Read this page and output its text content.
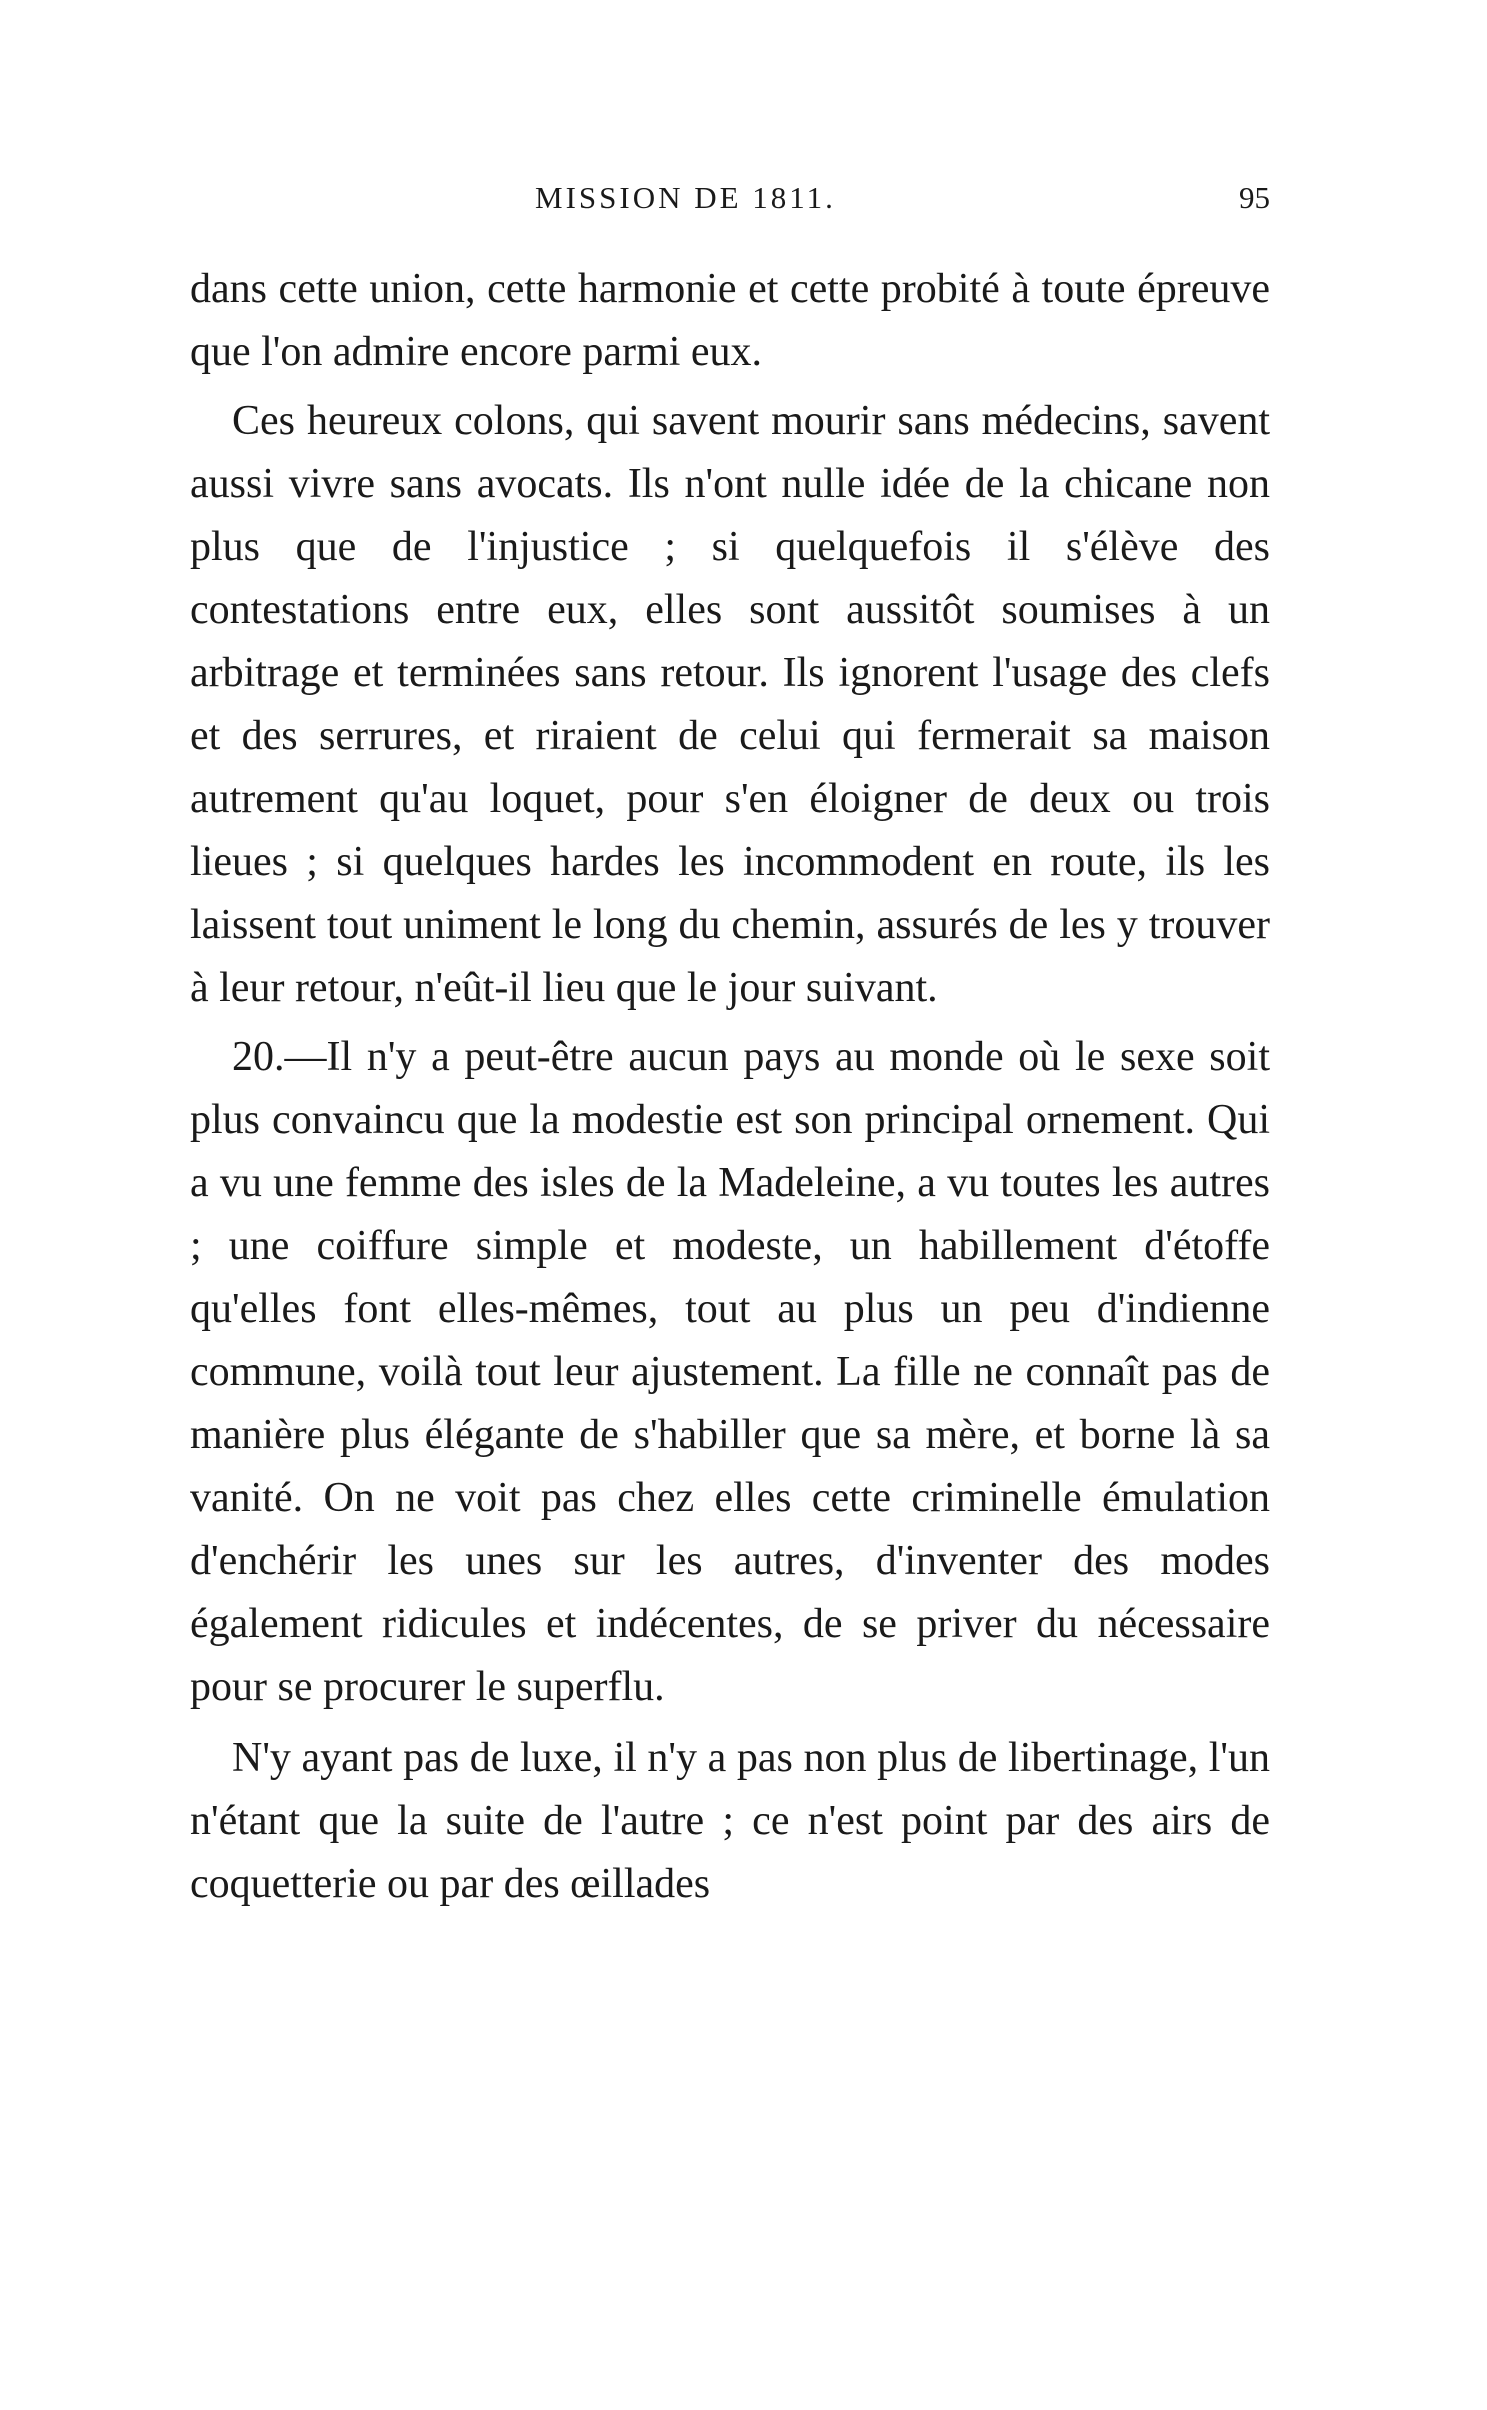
MISSION DE 1811.	95

dans cette union, cette harmonie et cette probité à toute épreuve que l'on admire encore parmi eux.

Ces heureux colons, qui savent mourir sans médecins, savent aussi vivre sans avocats. Ils n'ont nulle idée de la chicane non plus que de l'injustice ; si quelquefois il s'élève des contestations entre eux, elles sont aussitôt soumises à un arbitrage et terminées sans retour. Ils ignorent l'usage des clefs et des serrures, et riraient de celui qui fermerait sa maison autrement qu'au loquet, pour s'en éloigner de deux ou trois lieues ; si quelques hardes les incommodent en route, ils les laissent tout uniment le long du chemin, assurés de les y trouver à leur retour, n'eût-il lieu que le jour suivant.

20.—Il n'y a peut-être aucun pays au monde où le sexe soit plus convaincu que la modestie est son principal ornement. Qui a vu une femme des isles de la Madeleine, a vu toutes les autres ; une coiffure simple et modeste, un habillement d'étoffe qu'elles font elles-mêmes, tout au plus un peu d'indienne commune, voilà tout leur ajustement. La fille ne connaît pas de manière plus élégante de s'habiller que sa mère, et borne là sa vanité. On ne voit pas chez elles cette criminelle émulation d'enchérir les unes sur les autres, d'inventer des modes également ridicules et indécentes, de se priver du nécessaire pour se procurer le superflu.

N'y ayant pas de luxe, il n'y a pas non plus de libertinage, l'un n'étant que la suite de l'autre ; ce n'est point par des airs de coquetterie ou par des œillades
